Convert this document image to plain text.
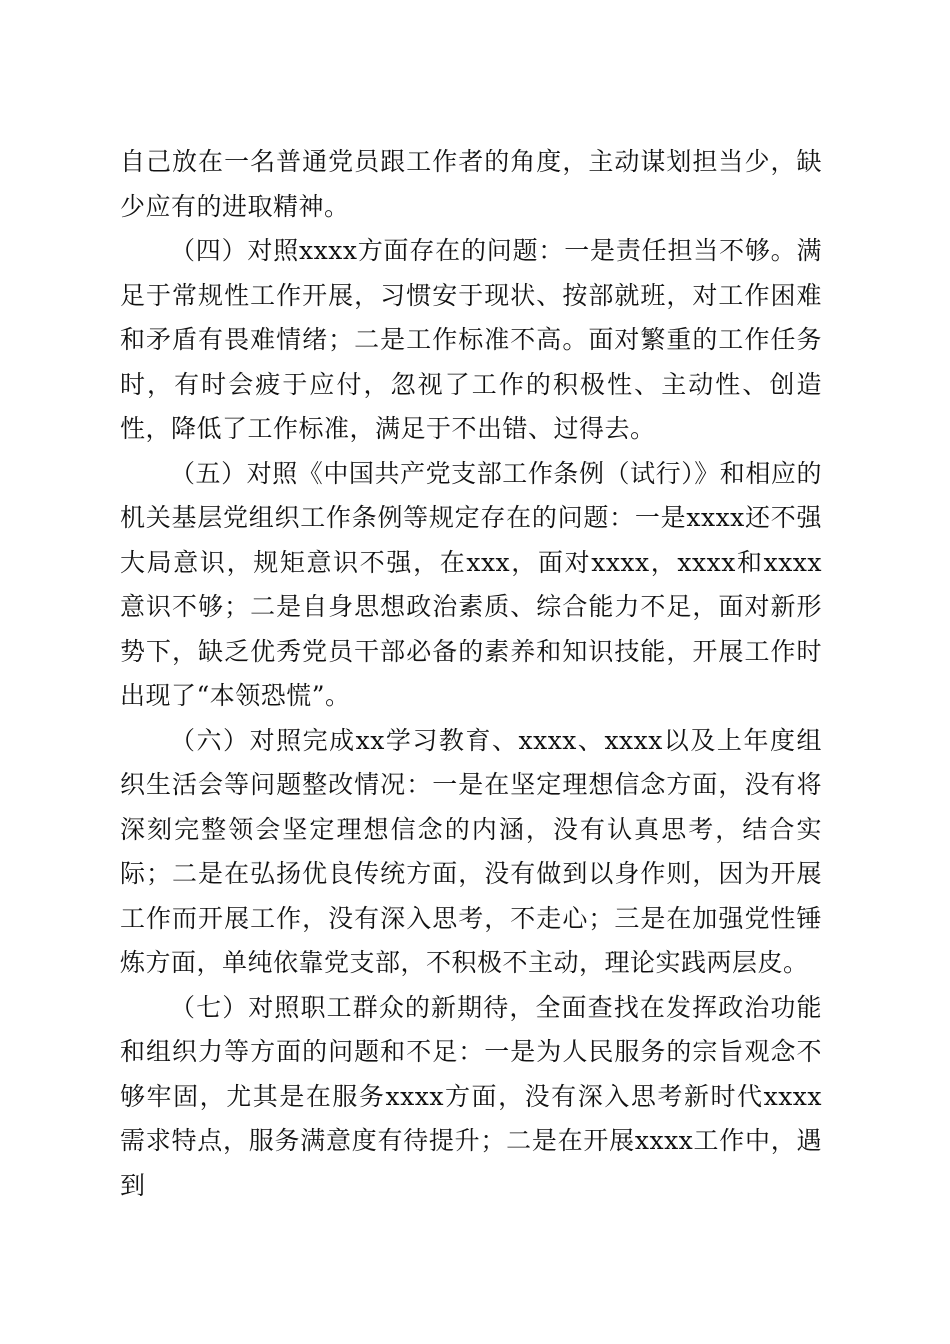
自己放在一名普通党员跟工作者的角度，主动谋划担当少，缺少应有的进取精神。

（四）对照xxxx方面存在的问题：一是责任担当不够。满足于常规性工作开展，习惯安于现状、按部就班，对工作困难和矛盾有畏难情绪；二是工作标准不高。面对繁重的工作任务时，有时会疲于应付，忽视了工作的积极性、主动性、创造性，降低了工作标准，满足于不出错、过得去。

（五）对照《中国共产党支部工作条例（试行）》和相应的机关基层党组织工作条例等规定存在的问题：一是xxxx还不强大局意识，规矩意识不强，在xxx，面对xxxx，xxxx和xxxx意识不够；二是自身思想政治素质、综合能力不足，面对新形势下，缺乏优秀党员干部必备的素养和知识技能，开展工作时出现了“本领恐慌”。

（六）对照完成xx学习教育、xxxx、xxxx以及上年度组织生活会等问题整改情况：一是在坚定理想信念方面，没有将深刻完整领会坚定理想信念的内涵，没有认真思考，结合实际；二是在弘扬优良传统方面，没有做到以身作则，因为开展工作而开展工作，没有深入思考，不走心；三是在加强党性锤炼方面，单纯依靠党支部，不积极不主动，理论实践两层皮。

（七）对照职工群众的新期待，全面查找在发挥政治功能和组织力等方面的问题和不足：一是为人民服务的宗旨观念不够牢固，尤其是在服务xxxx方面，没有深入思考新时代xxxx需求特点，服务满意度有待提升；二是在开展xxxx工作中，遇到
